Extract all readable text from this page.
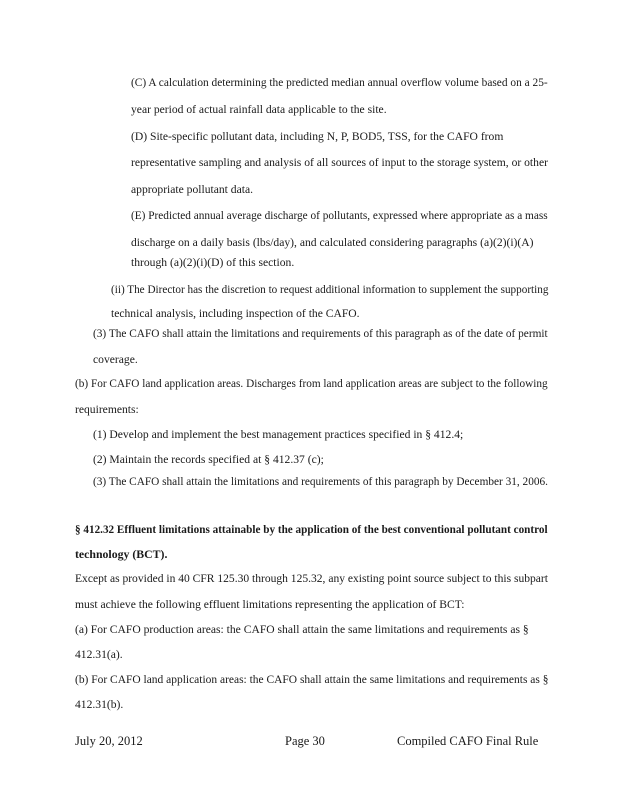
(C) A calculation determining the predicted median annual overflow volume based on a 25-
year period of actual rainfall data applicable to the site.
(D) Site-specific pollutant data, including N, P, BOD5, TSS, for the CAFO from
representative sampling and analysis of all sources of input to the storage system, or other
appropriate pollutant data.
(E) Predicted annual average discharge of pollutants, expressed where appropriate as a mass
discharge on a daily basis (lbs/day), and calculated considering paragraphs (a)(2)(i)(A)
through (a)(2)(i)(D) of this section.
(ii) The Director has the discretion to request additional information to supplement the supporting
technical analysis, including inspection of the CAFO.
(3) The CAFO shall attain the limitations and requirements of this paragraph as of the date of permit
coverage.
(b) For CAFO land application areas. Discharges from land application areas are subject to the following
requirements:
(1) Develop and implement the best management practices specified in § 412.4;
(2) Maintain the records specified at § 412.37 (c);
(3) The CAFO shall attain the limitations and requirements of this paragraph by December 31, 2006.
§ 412.32 Effluent limitations attainable by the application of the best conventional pollutant control
technology (BCT).
Except as provided in 40 CFR 125.30 through 125.32, any existing point source subject to this subpart
must achieve the following effluent limitations representing the application of BCT:
(a) For CAFO production areas: the CAFO shall attain the same limitations and requirements as §
412.31(a).
(b) For CAFO land application areas: the CAFO shall attain the same limitations and requirements as §
412.31(b).
July 20, 2012	Page 30	Compiled CAFO Final Rule
